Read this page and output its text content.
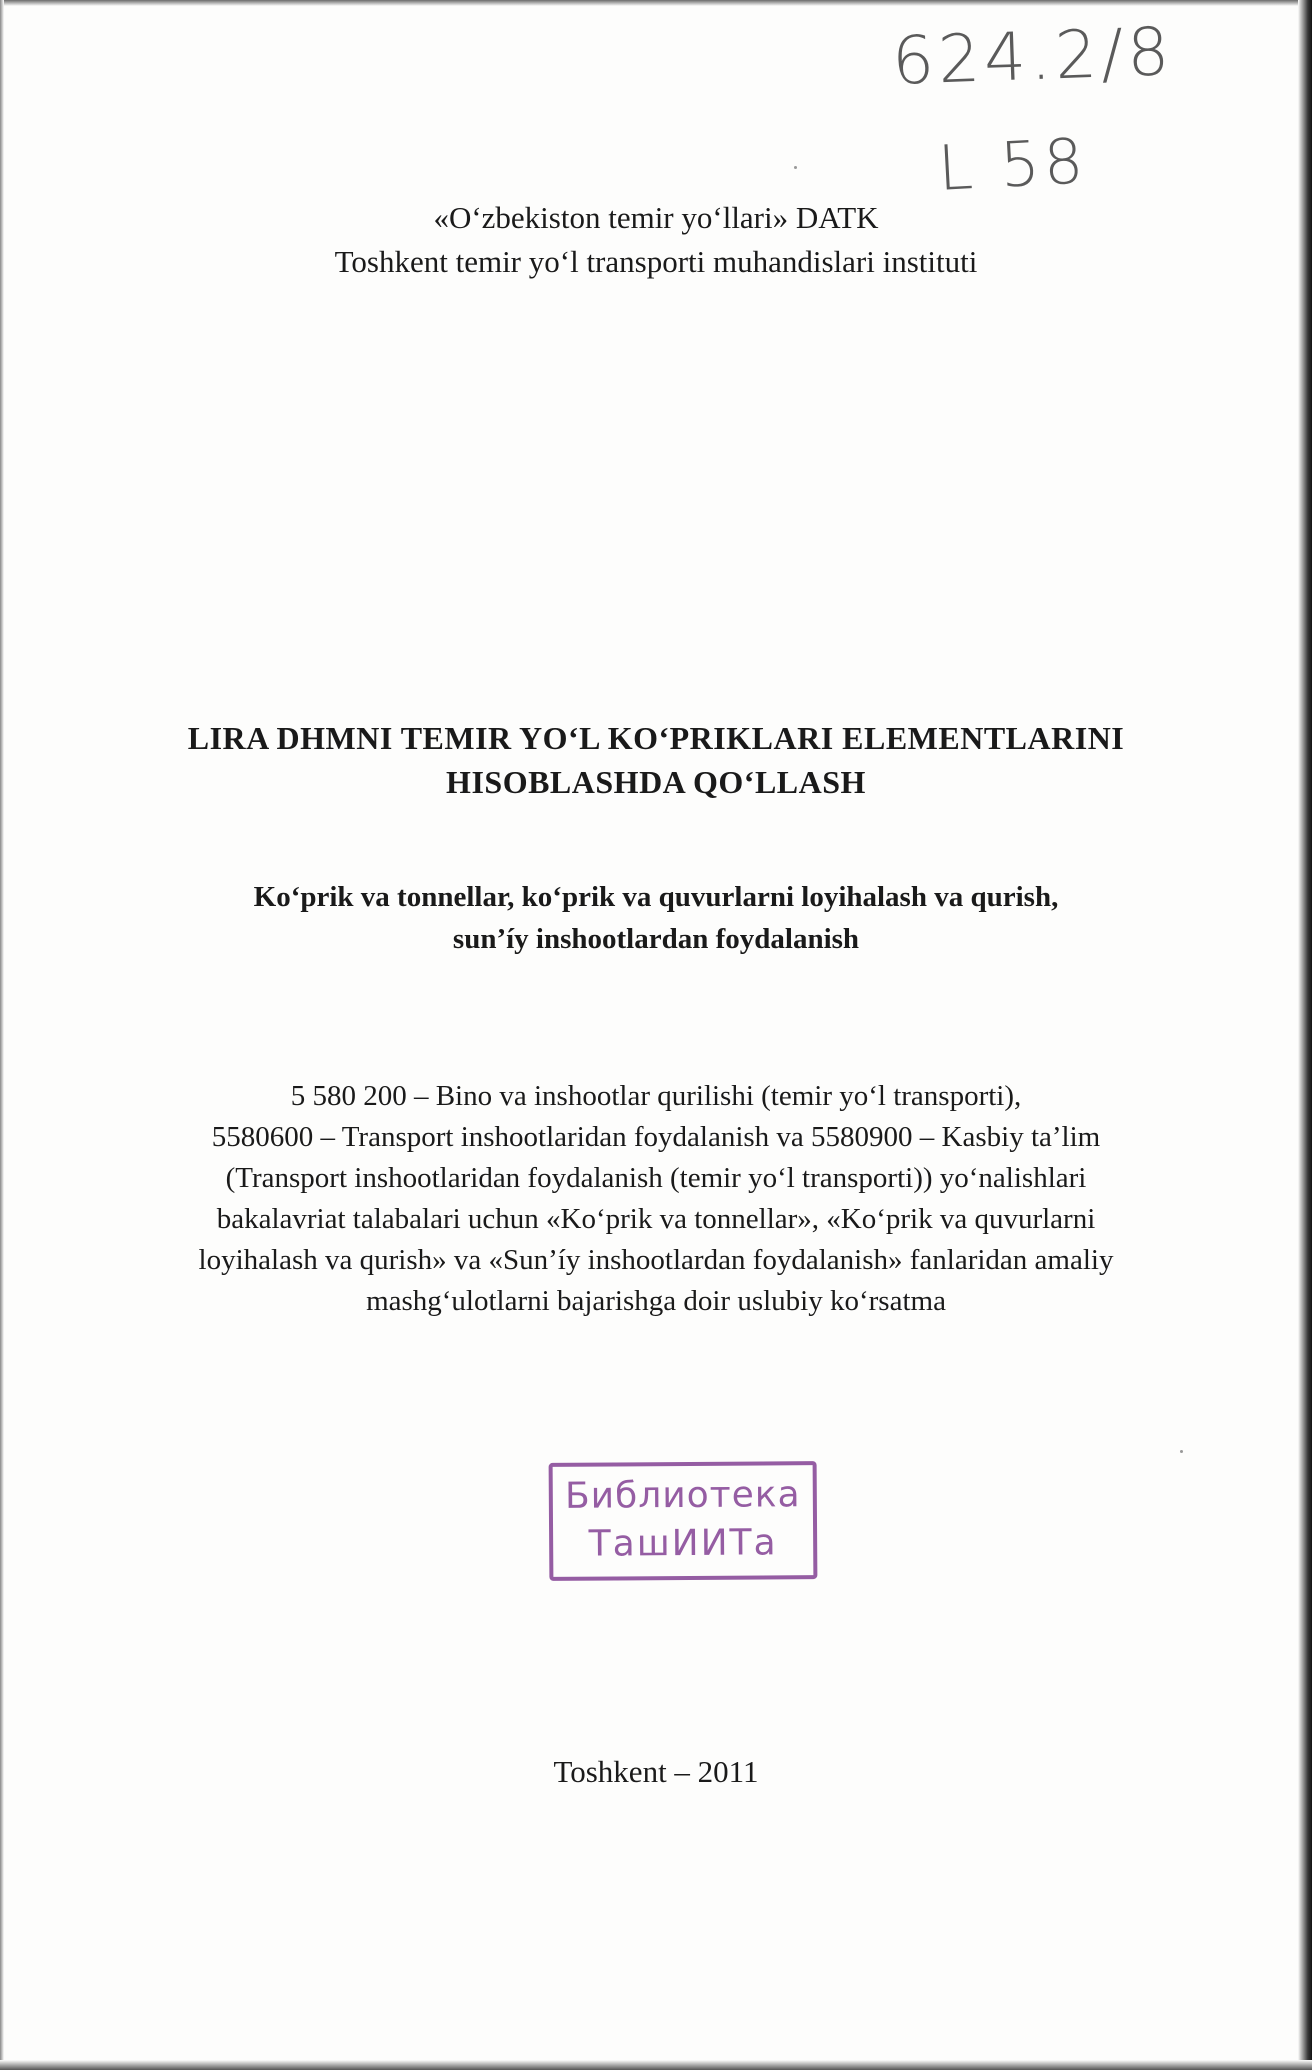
624.2/8
L 58
«O‘zbekiston temir yo‘llari» DATK
Toshkent temir yo‘l transporti muhandislari instituti
LIRA DHMNI TEMIR YO‘L KO‘PRIKLARI ELEMENTLARINI
HISOBLASHDA QO‘LLASH
Ko‘prik va tonnellar, ko‘prik va quvurlarni loyihalash va qurish,
sun’íy inshootlardan foydalanish
5 580 200 – Bino va inshootlar qurilishi (temir yo‘l transporti),
5580600 – Transport inshootlaridan foydalanish va 5580900 – Kasbiy ta’lim
(Transport inshootlaridan foydalanish (temir yo‘l transporti)) yo‘nalishlari
bakalavriat talabalari uchun «Ko‘prik va tonnellar», «Ko‘prik va quvurlarni
loyihalash va qurish» va «Sun’íy inshootlardan foydalanish» fanlaridan amaliy
mashg‘ulotlarni bajarishga doir uslubiy ko‘rsatma
Библиотека
ТашИИТа
Toshkent – 2011
